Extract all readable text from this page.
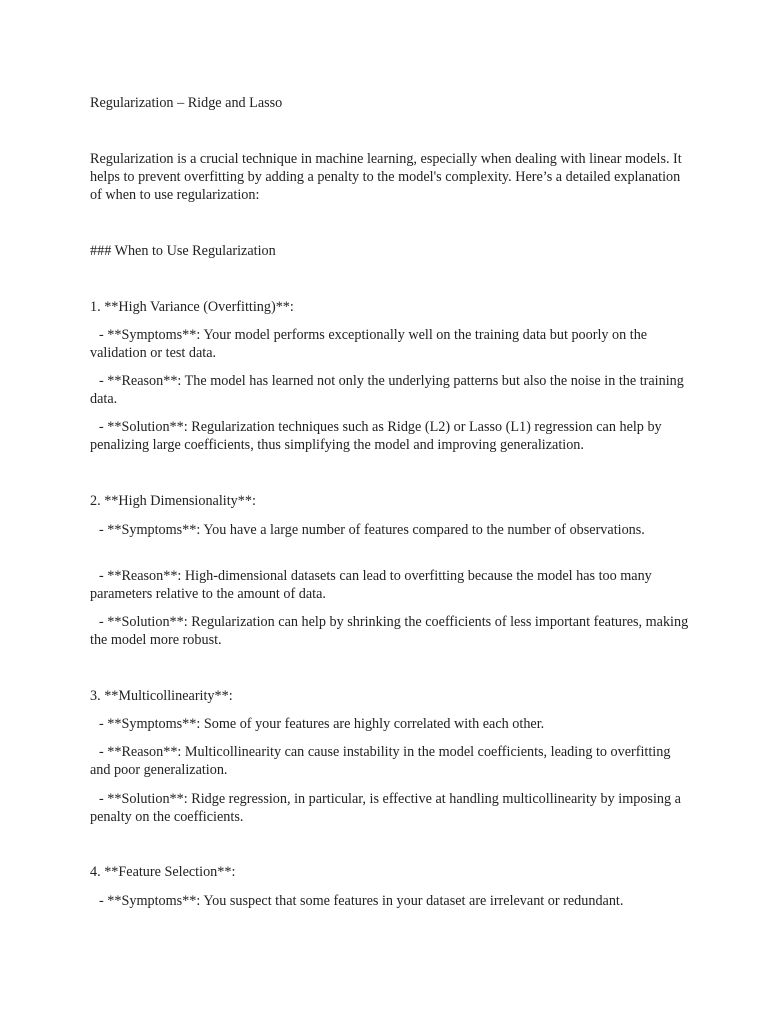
Regularization – Ridge and Lasso
Regularization is a crucial technique in machine learning, especially when dealing with linear models. It helps to prevent overfitting by adding a penalty to the model's complexity. Here’s a detailed explanation of when to use regularization:
### When to Use Regularization
1. **High Variance (Overfitting)**:
- **Symptoms**: Your model performs exceptionally well on the training data but poorly on the validation or test data.
- **Reason**: The model has learned not only the underlying patterns but also the noise in the training data.
- **Solution**: Regularization techniques such as Ridge (L2) or Lasso (L1) regression can help by penalizing large coefficients, thus simplifying the model and improving generalization.
2. **High Dimensionality**:
- **Symptoms**: You have a large number of features compared to the number of observations.
- **Reason**: High-dimensional datasets can lead to overfitting because the model has too many parameters relative to the amount of data.
- **Solution**: Regularization can help by shrinking the coefficients of less important features, making the model more robust.
3. **Multicollinearity**:
- **Symptoms**: Some of your features are highly correlated with each other.
- **Reason**: Multicollinearity can cause instability in the model coefficients, leading to overfitting and poor generalization.
- **Solution**: Ridge regression, in particular, is effective at handling multicollinearity by imposing a penalty on the coefficients.
4. **Feature Selection**:
- **Symptoms**: You suspect that some features in your dataset are irrelevant or redundant.
